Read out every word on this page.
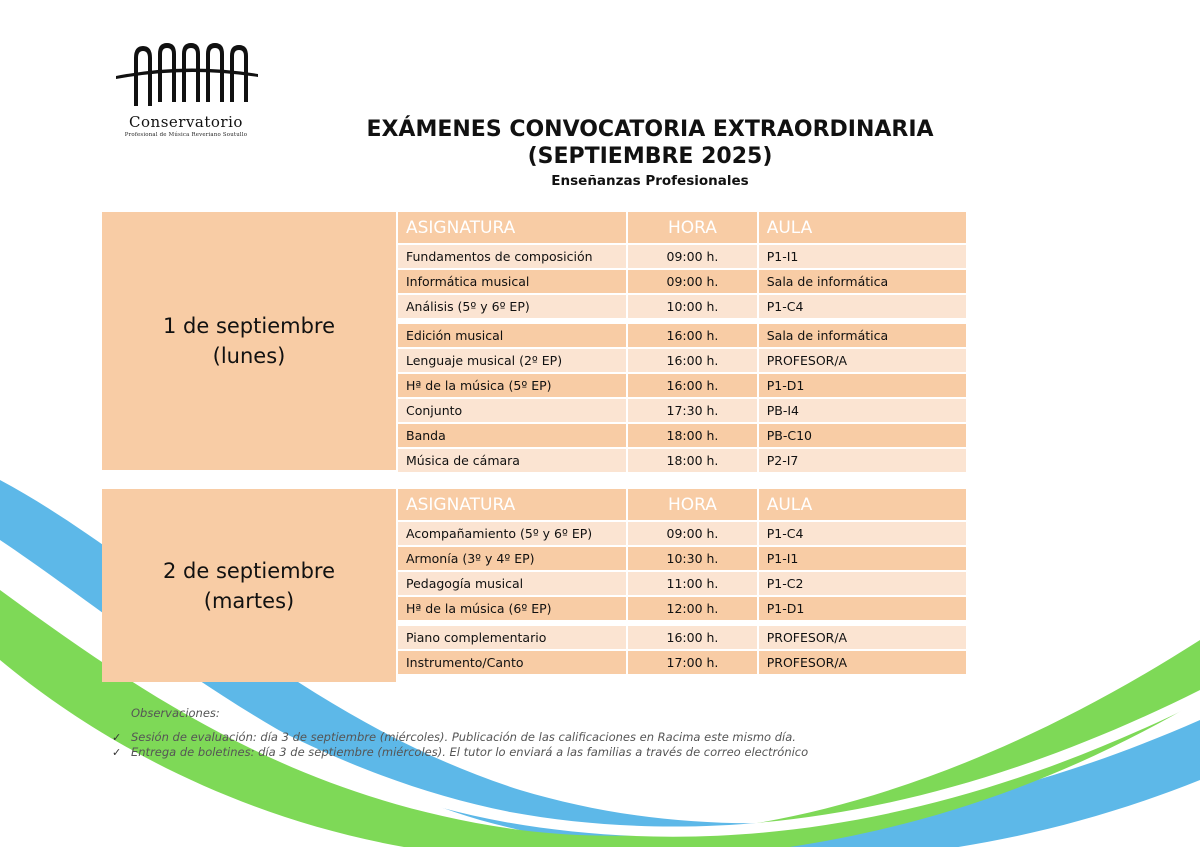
Conservatorio
Profesional de Música Reveriano Soutullo	EXÁMENES CONVOCATORIA EXTRAORDINARIA
(SEPTIEMBRE 2025)
Enseñanzas Profesionales
1 de septiembre
(lunes)
ASIGNATURA	HORA	AULA
Fundamentos de composición	09:00 h.	P1-I1
Informática musical	09:00 h.	Sala de informática
Análisis (5º y 6º EP)	10:00 h.	P1-C4
Edición musical	16:00 h.	Sala de informática
Lenguaje musical (2º EP)	16:00 h.	PROFESOR/A
Hª de la música (5º EP)	16:00 h.	P1-D1
Conjunto	17:30 h.	PB-I4
Banda	18:00 h.	PB-C10
Música de cámara	18:00 h.	P2-I7
2 de septiembre
(martes)
ASIGNATURA	HORA	AULA
Acompañamiento (5º y 6º EP)	09:00 h.	P1-C4
Armonía (3º y 4º EP)	10:30 h.	P1-I1
Pedagogía musical	11:00 h.	P1-C2
Hª de la música (6º EP)	12:00 h.	P1-D1
Piano complementario	16:00 h.	PROFESOR/A
Instrumento/Canto	17:00 h.	PROFESOR/A
Observaciones:
✓ Sesión de evaluación: día 3 de septiembre (miércoles). Publicación de las calificaciones en Racima este mismo día.
✓ Entrega de boletines: día 3 de septiembre (miércoles). El tutor lo enviará a las familias a través de correo electrónico
